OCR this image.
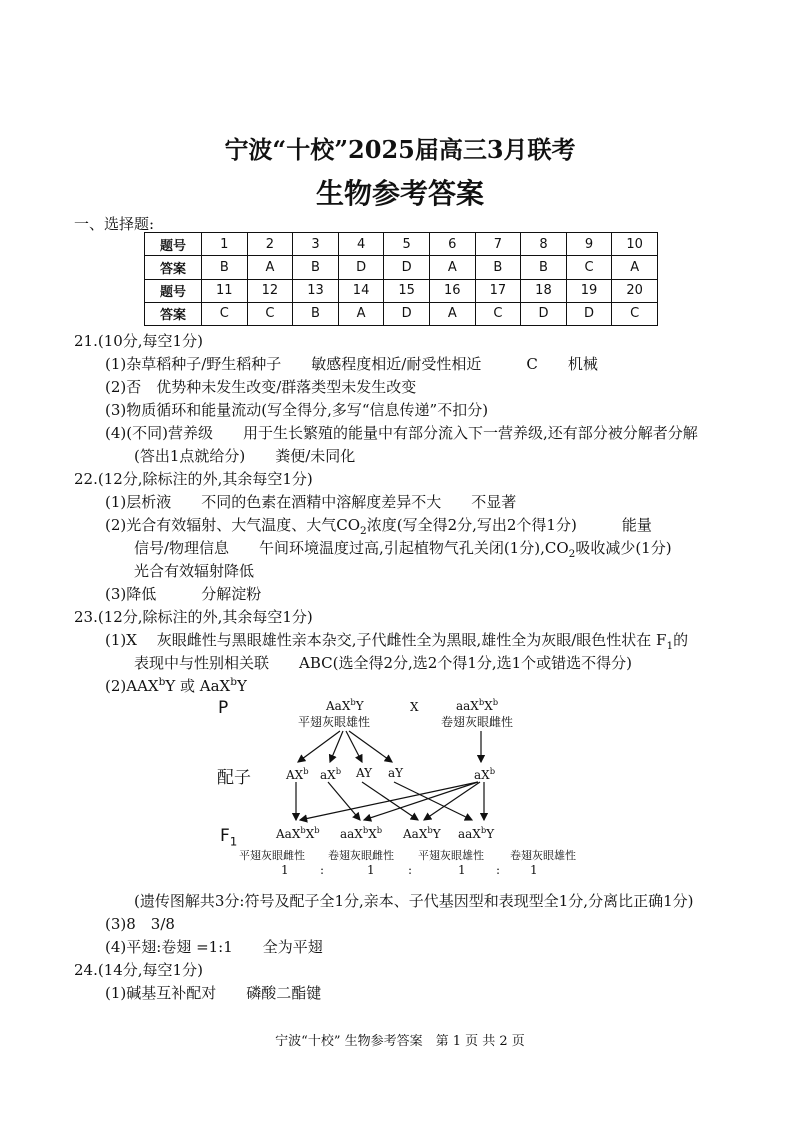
宁波“十校”2025届高三3月联考
生物参考答案
一、选择题:
题号	1	2	3	4	5	6	7	8	9	10
答案	B	A	B	D	D	A	B	B	C	A
题号	11	12	13	14	15	16	17	18	19	20
答案	C	C	B	A	D	A	C	D	D	C
21.(10分,每空1分)
(1)杂草稻种子/野生稻种子　　敏感程度相近/耐受性相近　　　C　　机械
(2)否　优势种未发生改变/群落类型未发生改变
(3)物质循环和能量流动(写全得分,多写“信息传递”不扣分)
(4)(不同)营养级　　用于生长繁殖的能量中有部分流入下一营养级,还有部分被分解者分解
(答出1点就给分)　　粪便/未同化
22.(12分,除标注的外,其余每空1分)
(1)层析液　　不同的色素在酒精中溶解度差异不大　　不显著
(2)光合有效辐射、大气温度、大气$CO_2$浓度(写全得2分,写出2个得1分)　　　能量
信号/物理信息　　午间环境温度过高,引起植物气孔关闭(1分)$,CO_2$吸收减少(1分)
光合有效辐射降低
(3)降低　　　分解淀粉
23.(12分,除标注的外,其余每空1分)
(1)X　 灰眼雌性与黑眼雄性亲本杂交,子代雌性全为黑眼,雄性全为灰眼/眼色性状在 $F_1$的
表现中与性别相关联　　ABC(选全得2分,选2个得1分,选1个或错选不得分)
(2)AAX$^b$Y 或 AaX$^b$Y
P	AaX$^b$Y
平翅灰眼雄性
X	$aaX^bX^b$
卷翅灰眼雌性
配子	$AX^b$ $aX^b$ AY aY	$aX^b$
$F_1$
$AaX^bX^b$ $aaX^bX^b$ AaX$^b$Y aaX$^b$Y
平翅灰眼雌性 卷翅灰眼雌性 平翅灰眼雄性 卷翅灰眼雄性
1	:	1	:	1	: 1
(遗传图解共3分:符号及配子全1分,亲本、子代基因型和表现型全1分,分离比正确1分)
(3)8　3/8
(4)平翅:卷翅 =1:1　　全为平翅
24.(14分,每空1分)
(1)碱基互补配对　　磷酸二酯键
宁波“十校” 生物参考答案　第 1 页 共 2 页
